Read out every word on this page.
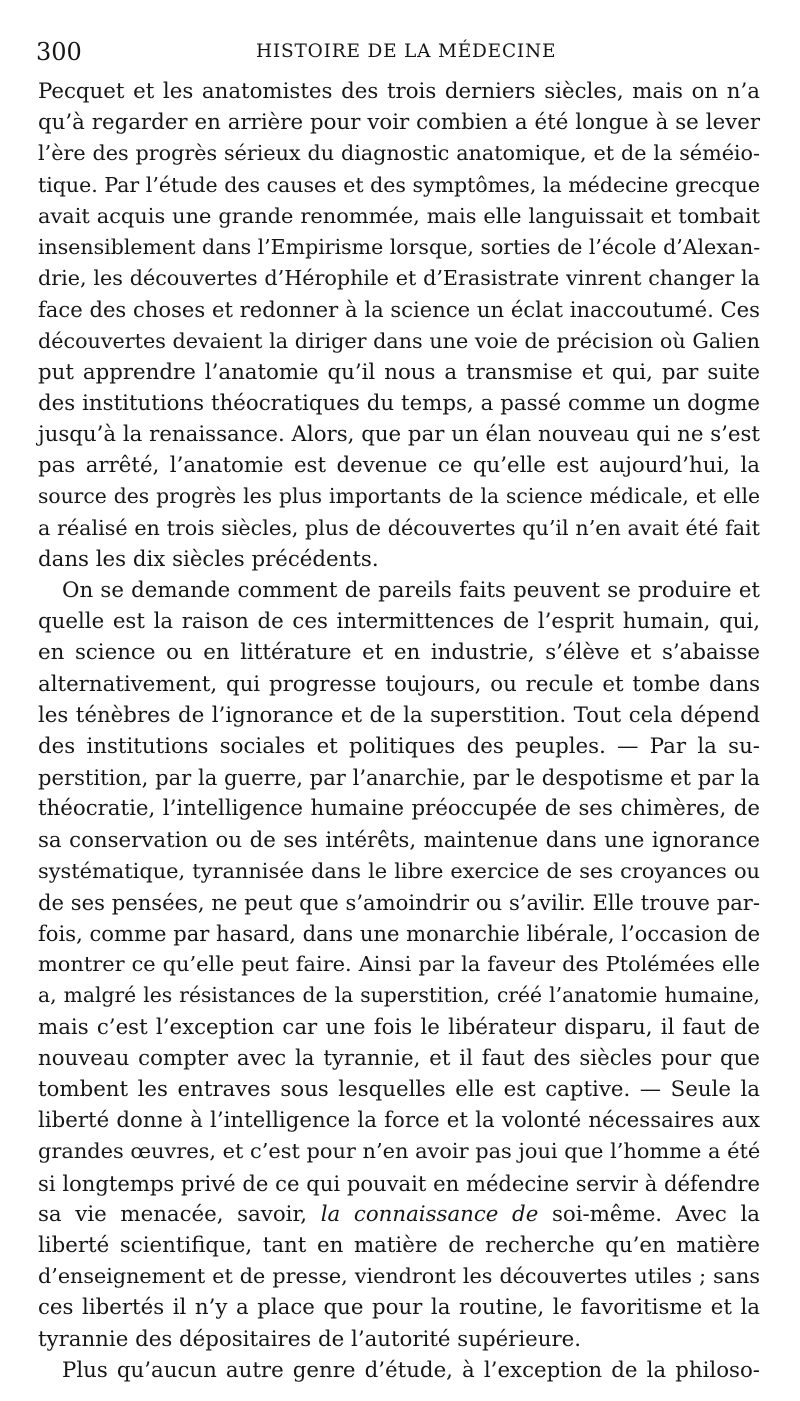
300	HISTOIRE DE LA MÉDECINE
Pecquet et les anatomistes des trois derniers siècles, mais on n’a
qu’à regarder en arrière pour voir combien a été longue à se lever
l’ère des progrès sérieux du diagnostic anatomique, et de la séméio-
tique. Par l’étude des causes et des symptômes, la médecine grecque
avait acquis une grande renommée, mais elle languissait et tombait
insensiblement dans l’Empirisme lorsque, sorties de l’école d’Alexan-
drie, les découvertes d’Hérophile et d’Erasistrate vinrent changer la
face des choses et redonner à la science un éclat inaccoutumé. Ces
découvertes devaient la diriger dans une voie de précision où Galien
put apprendre l’anatomie qu’il nous a transmise et qui, par suite
des institutions théocratiques du temps, a passé comme un dogme
jusqu’à la renaissance. Alors, que par un élan nouveau qui ne s’est
pas arrêté, l’anatomie est devenue ce qu’elle est aujourd’hui, la
source des progrès les plus importants de la science médicale, et elle
a réalisé en trois siècles, plus de découvertes qu’il n’en avait été fait
dans les dix siècles précédents.
On se demande comment de pareils faits peuvent se produire et
quelle est la raison de ces intermittences de l’esprit humain, qui,
en science ou en littérature et en industrie, s’élève et s’abaisse
alternativement, qui progresse toujours, ou recule et tombe dans
les ténèbres de l’ignorance et de la superstition. Tout cela dépend
des institutions sociales et politiques des peuples. — Par la su-
perstition, par la guerre, par l’anarchie, par le despotisme et par la
théocratie, l’intelligence humaine préoccupée de ses chimères, de
sa conservation ou de ses intérêts, maintenue dans une ignorance
systématique, tyrannisée dans le libre exercice de ses croyances ou
de ses pensées, ne peut que s’amoindrir ou s’avilir. Elle trouve par-
fois, comme par hasard, dans une monarchie libérale, l’occasion de
montrer ce qu’elle peut faire. Ainsi par la faveur des Ptolémées elle
a, malgré les résistances de la superstition, créé l’anatomie humaine,
mais c’est l’exception car une fois le libérateur disparu, il faut de
nouveau compter avec la tyrannie, et il faut des siècles pour que
tombent les entraves sous lesquelles elle est captive. — Seule la
liberté donne à l’intelligence la force et la volonté nécessaires aux
grandes œuvres, et c’est pour n’en avoir pas joui que l’homme a été
si longtemps privé de ce qui pouvait en médecine servir à défendre
sa vie menacée, savoir, la connaissance de soi-même. Avec la
liberté scientifique, tant en matière de recherche qu’en matière
d’enseignement et de presse, viendront les découvertes utiles ; sans
ces libertés il n’y a place que pour la routine, le favoritisme et la
tyrannie des dépositaires de l’autorité supérieure.
Plus qu’aucun autre genre d’étude, à l’exception de la philoso-
